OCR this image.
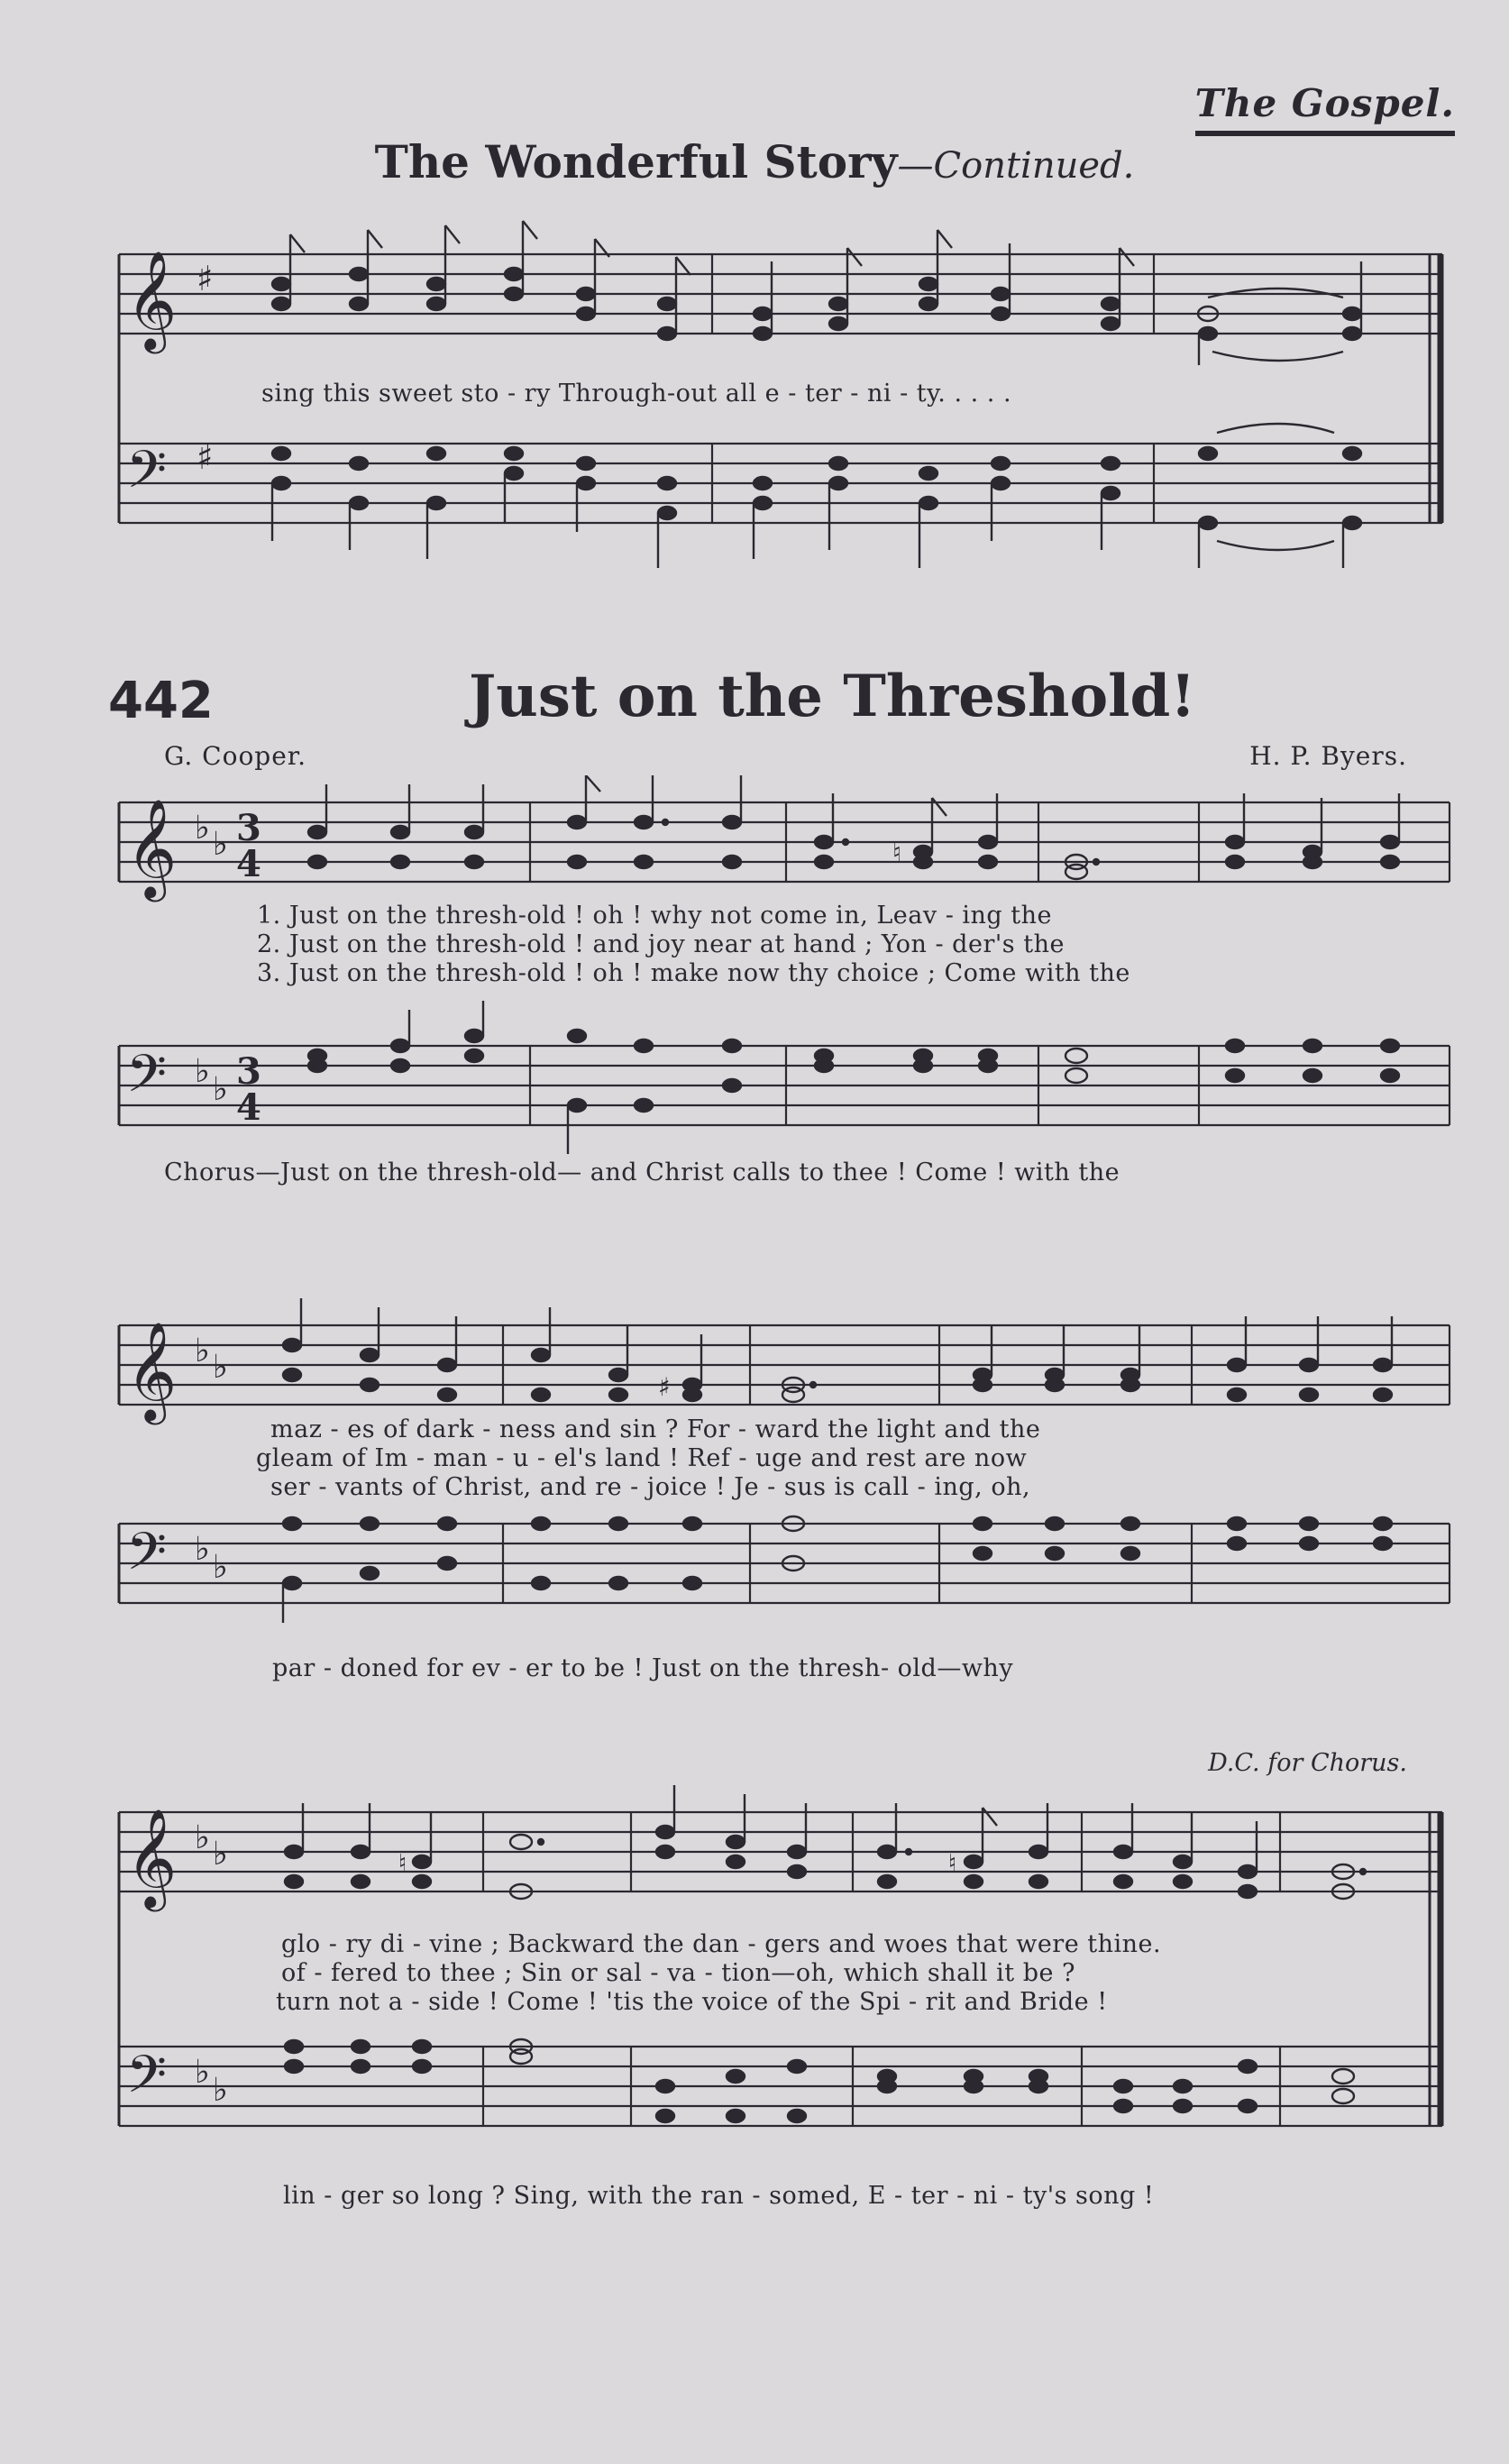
The Gospel.
The Wonderful Story—Continued.
𝄞
𝄢
♯
♯
sing this sweet sto - ry Through-out all e - ter - ni - ty. . . . .
442	Just on the Threshold!
G. Cooper.	H. P. Byers.
𝄞
𝄢
♭ ♭
♭ ♭
3
4
3
4
♮
1. Just on the thresh-old ! oh ! why not come in, Leav - ing the
2. Just on the thresh-old ! and joy near at hand ; Yon - der's the
3. Just on the thresh-old ! oh ! make now thy choice ; Come with the
Chorus—Just on the thresh-old— and Christ calls to thee ! Come ! with the
𝄞
𝄢
♭ ♭
♭ ♭
♯
maz - es of dark - ness and sin ? For - ward the light and the
gleam of Im - man - u - el's land ! Ref - uge and rest are now
ser - vants of Christ, and re - joice ! Je - sus is call - ing, oh,
par - doned for ev - er to be ! Just on the thresh- old—why
D.C. for Chorus.
𝄞
𝄢
♭ ♭
♭ ♭
♮	♮
glo - ry di - vine ; Backward the dan - gers and woes that were thine.
of - fered to thee ; Sin or sal - va - tion—oh, which shall it be ?
turn not a - side ! Come ! 'tis the voice of the Spi - rit and Bride !
lin - ger so long ? Sing, with the ran - somed, E - ter - ni - ty's song !
